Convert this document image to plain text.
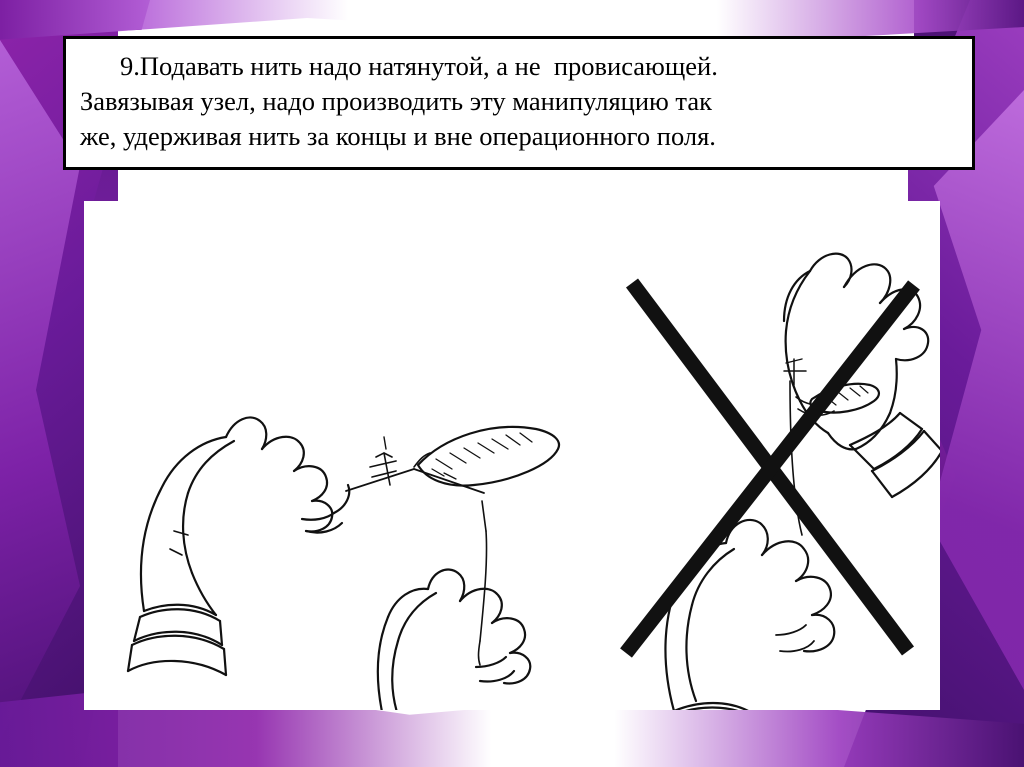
9.Подавать нить надо натянутой, а не  провисающей.

Завязывая узел, надо производить эту манипуляцию так

же, удерживая нить за концы и вне операционного поля.
